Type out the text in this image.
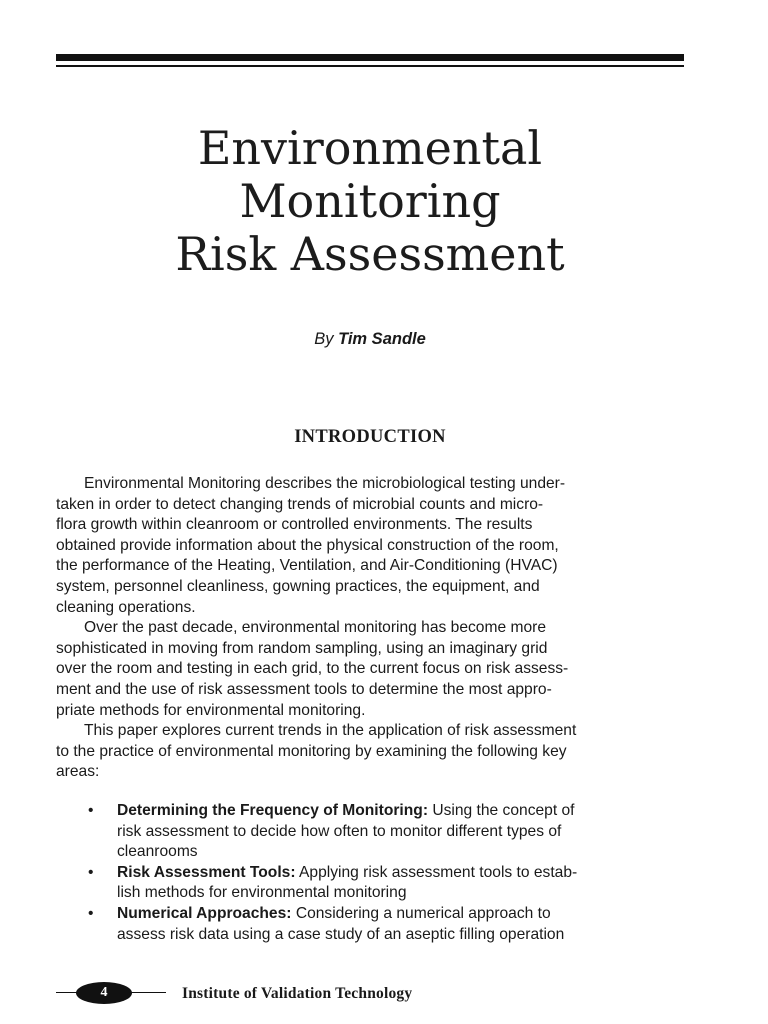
Environmental
Monitoring
Risk Assessment
By Tim Sandle
INTRODUCTION
Environmental Monitoring describes the microbiological testing under-
taken in order to detect changing trends of microbial counts and micro-
flora growth within cleanroom or controlled environments. The results
obtained provide information about the physical construction of the room,
the performance of the Heating, Ventilation, and Air-Conditioning (HVAC)
system, personnel cleanliness, gowning practices, the equipment, and
cleaning operations.
Over the past decade, environmental monitoring has become more
sophisticated in moving from random sampling, using an imaginary grid
over the room and testing in each grid, to the current focus on risk assess-
ment and the use of risk assessment tools to determine the most appro-
priate methods for environmental monitoring.
This paper explores current trends in the application of risk assessment
to the practice of environmental monitoring by examining the following key
areas:
• Determining the Frequency of Monitoring: Using the concept of
risk assessment to decide how often to monitor different types of
cleanrooms
• Risk Assessment Tools: Applying risk assessment tools to estab-
lish methods for environmental monitoring
• Numerical Approaches: Considering a numerical approach to
assess risk data using a case study of an aseptic filling operation
4	Institute of Validation Technology
